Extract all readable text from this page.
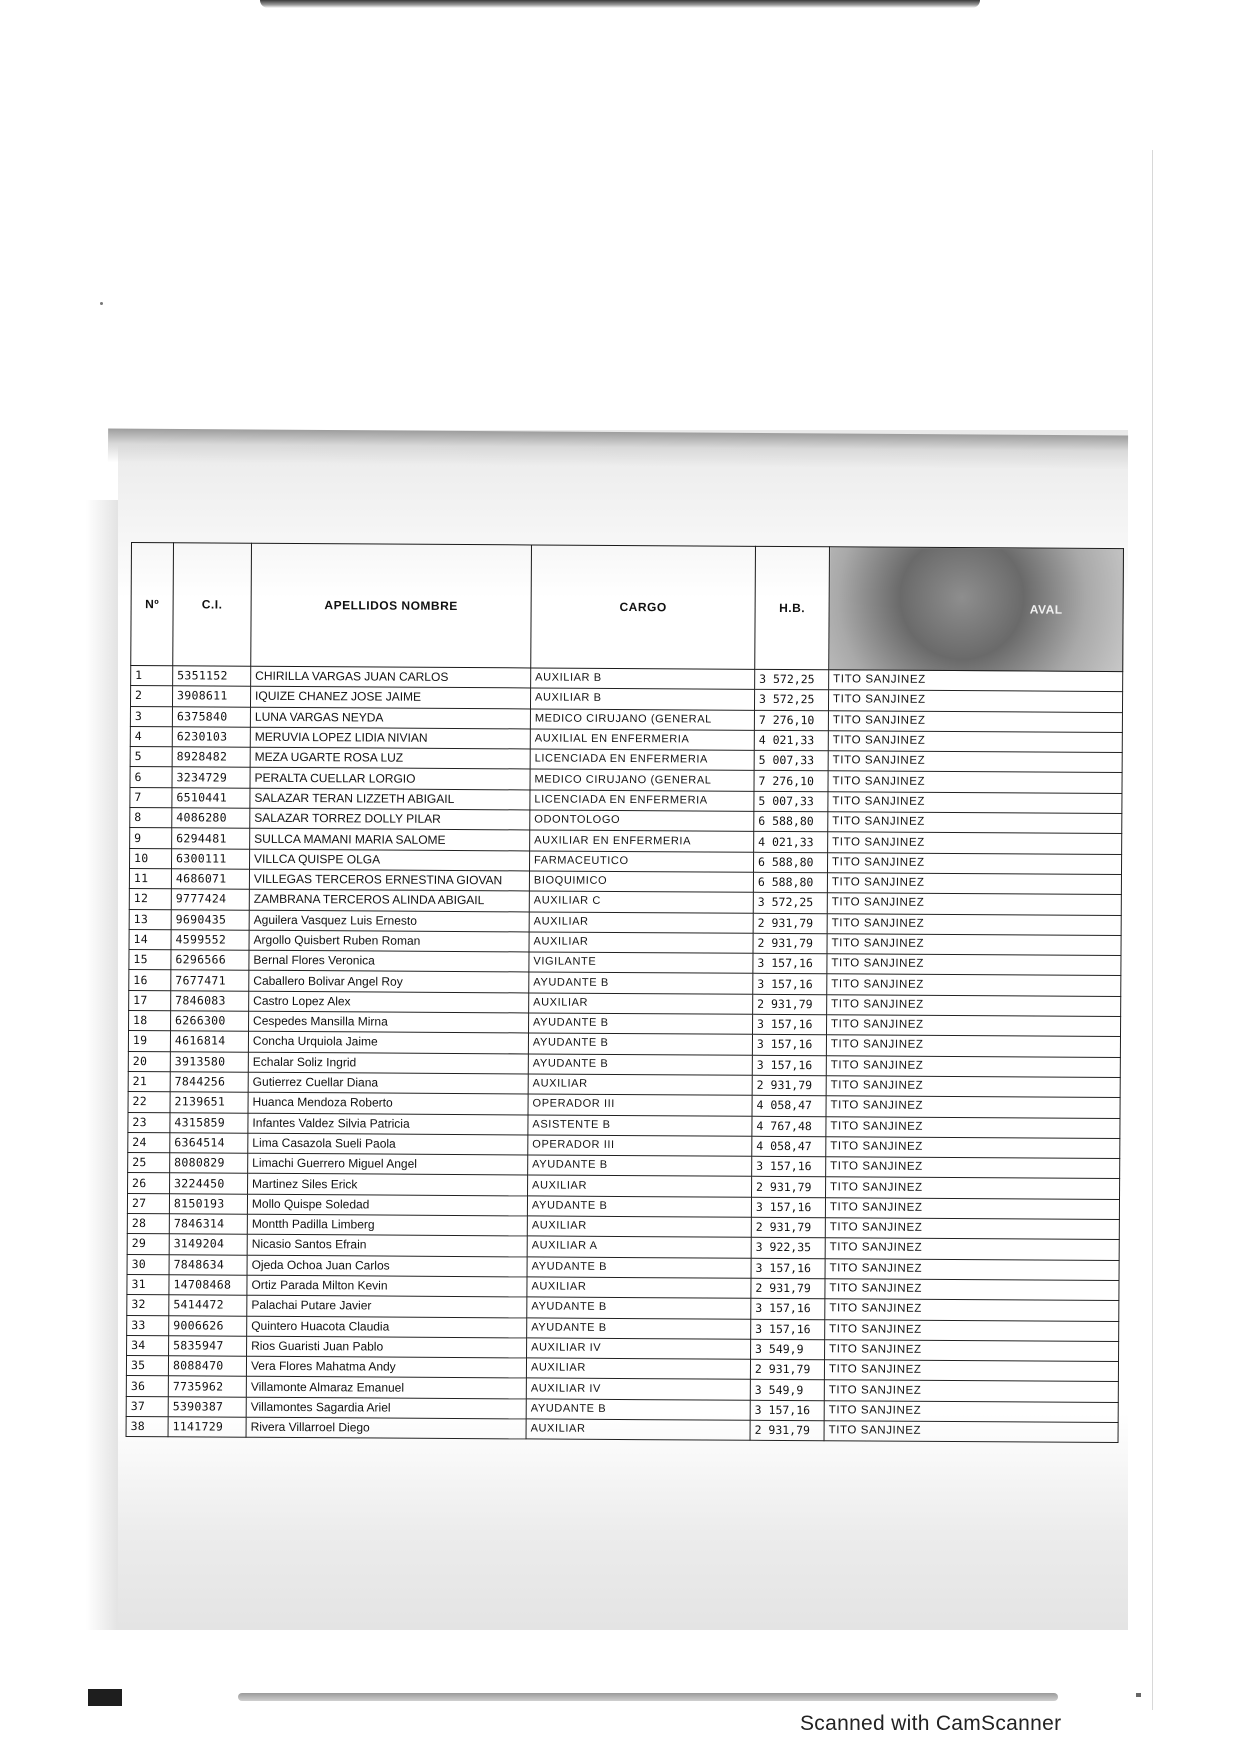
Nº	C.I.	APELLIDOS NOMBRE	CARGO	H.B.	AVAL
1	5351152	CHIRILLA VARGAS JUAN CARLOS	AUXILIAR B	3 572,25	TITO SANJINEZ
2	3908611	IQUIZE CHANEZ JOSE JAIME	AUXILIAR B	3 572,25	TITO SANJINEZ
3	6375840	LUNA VARGAS NEYDA	MEDICO CIRUJANO (GENERAL	7 276,10	TITO SANJINEZ
4	6230103	MERUVIA LOPEZ LIDIA NIVIAN	AUXILIAL EN ENFERMERIA	4 021,33	TITO SANJINEZ
5	8928482	MEZA UGARTE ROSA LUZ	LICENCIADA EN ENFERMERIA	5 007,33	TITO SANJINEZ
6	3234729	PERALTA CUELLAR LORGIO	MEDICO CIRUJANO (GENERAL	7 276,10	TITO SANJINEZ
7	6510441	SALAZAR TERAN LIZZETH ABIGAIL	LICENCIADA EN ENFERMERIA	5 007,33	TITO SANJINEZ
8	4086280	SALAZAR TORREZ DOLLY PILAR	ODONTOLOGO	6 588,80	TITO SANJINEZ
9	6294481	SULLCA MAMANI MARIA SALOME	AUXILIAR EN ENFERMERIA	4 021,33	TITO SANJINEZ
10	6300111	VILLCA QUISPE OLGA	FARMACEUTICO	6 588,80	TITO SANJINEZ
11	4686071	VILLEGAS TERCEROS ERNESTINA GIOVAN	BIOQUIMICO	6 588,80	TITO SANJINEZ
12	9777424	ZAMBRANA TERCEROS ALINDA ABIGAIL	AUXILIAR C	3 572,25	TITO SANJINEZ
13	9690435	Aguilera Vasquez Luis Ernesto	AUXILIAR	2 931,79	TITO SANJINEZ
14	4599552	Argollo Quisbert Ruben Roman	AUXILIAR	2 931,79	TITO SANJINEZ
15	6296566	Bernal Flores Veronica	VIGILANTE	3 157,16	TITO SANJINEZ
16	7677471	Caballero Bolivar Angel Roy	AYUDANTE B	3 157,16	TITO SANJINEZ
17	7846083	Castro Lopez Alex	AUXILIAR	2 931,79	TITO SANJINEZ
18	6266300	Cespedes Mansilla Mirna	AYUDANTE B	3 157,16	TITO SANJINEZ
19	4616814	Concha Urquiola Jaime	AYUDANTE B	3 157,16	TITO SANJINEZ
20	3913580	Echalar Soliz Ingrid	AYUDANTE B	3 157,16	TITO SANJINEZ
21	7844256	Gutierrez Cuellar Diana	AUXILIAR	2 931,79	TITO SANJINEZ
22	2139651	Huanca Mendoza Roberto	OPERADOR III	4 058,47	TITO SANJINEZ
23	4315859	Infantes Valdez Silvia Patricia	ASISTENTE B	4 767,48	TITO SANJINEZ
24	6364514	Lima Casazola Sueli Paola	OPERADOR III	4 058,47	TITO SANJINEZ
25	8080829	Limachi Guerrero Miguel Angel	AYUDANTE B	3 157,16	TITO SANJINEZ
26	3224450	Martinez Siles Erick	AUXILIAR	2 931,79	TITO SANJINEZ
27	8150193	Mollo Quispe Soledad	AYUDANTE B	3 157,16	TITO SANJINEZ
28	7846314	Montth Padilla Limberg	AUXILIAR	2 931,79	TITO SANJINEZ
29	3149204	Nicasio Santos Efrain	AUXILIAR A	3 922,35	TITO SANJINEZ
30	7848634	Ojeda Ochoa Juan Carlos	AYUDANTE B	3 157,16	TITO SANJINEZ
31	14708468	Ortiz Parada Milton Kevin	AUXILIAR	2 931,79	TITO SANJINEZ
32	5414472	Palachai Putare Javier	AYUDANTE B	3 157,16	TITO SANJINEZ
33	9006626	Quintero Huacota Claudia	AYUDANTE B	3 157,16	TITO SANJINEZ
34	5835947	Rios Guaristi Juan Pablo	AUXILIAR IV	3 549,9	TITO SANJINEZ
35	8088470	Vera Flores Mahatma Andy	AUXILIAR	2 931,79	TITO SANJINEZ
36	7735962	Villamonte Almaraz Emanuel	AUXILIAR IV	3 549,9	TITO SANJINEZ
37	5390387	Villamontes Sagardia Ariel	AYUDANTE B	3 157,16	TITO SANJINEZ
38	1141729	Rivera Villarroel Diego	AUXILIAR	2 931,79	TITO SANJINEZ
Scanned with CamScanner
